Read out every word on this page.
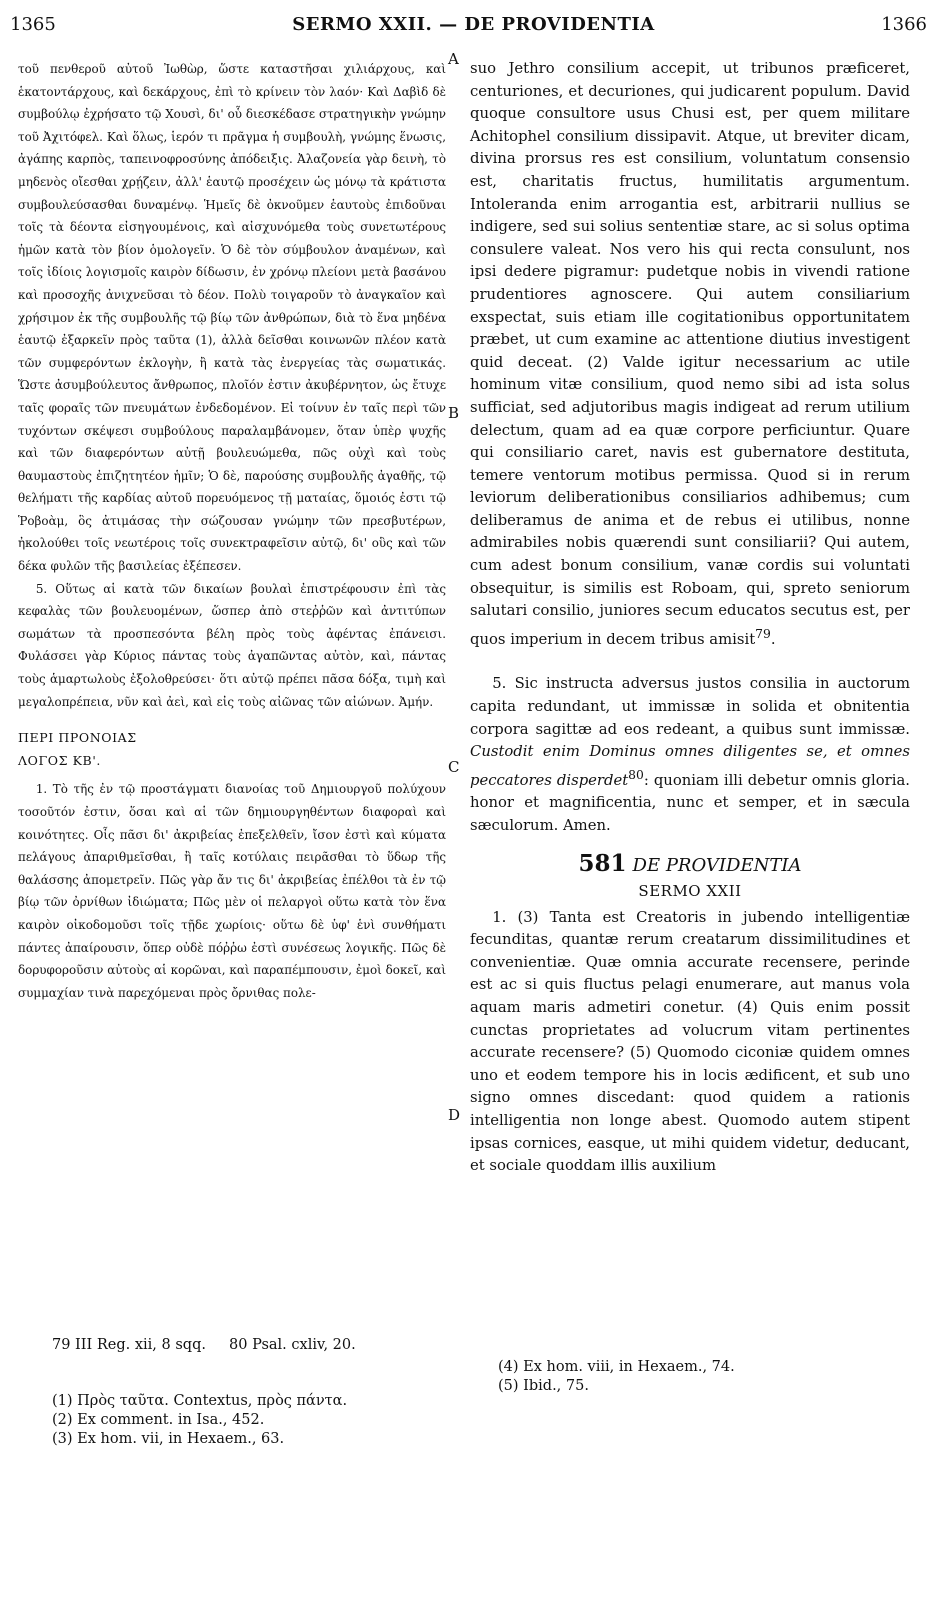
1365	SERMO XXII. — DE PROVIDENTIA	1366
A
B
C
D

τοῦ πενθεροῦ αὐτοῦ Ἰωθὼρ, ὥστε καταστῆσαι χιλιάρχους, καὶ ἑκατοντάρχους, καὶ δεκάρχους, ἐπὶ τὸ κρίνειν τὸν λαόν· Καὶ Δαβὶδ δὲ συμβούλῳ ἐχρήσατο τῷ Χουσὶ, δι' οὗ διεσκέδασε στρατηγικὴν γνώμην τοῦ Ἀχιτόφελ. Καὶ ὅλως, ἱερόν τι πρᾶγμα ἡ συμβουλὴ, γνώμης ἕνωσις, ἀγάπης καρπὸς, ταπεινοφροσύνης ἀπόδειξις. Ἀλαζονεία γὰρ δεινὴ, τὸ μηδενὸς οἴεσθαι χρῄζειν, ἀλλ' ἑαυτῷ προσέχειν ὡς μόνῳ τὰ κράτιστα συμβουλεύσασθαι δυναμένῳ. Ἡμεῖς δὲ ὀκνοῦμεν ἑαυτοὺς ἐπιδοῦναι τοῖς τὰ δέοντα εἰσηγουμένοις, καὶ αἰσχυνόμεθα τοὺς συνετωτέρους ἡμῶν κατὰ τὸν βίον ὁμολογεῖν. Ὁ δὲ τὸν σύμβουλον ἀναμένων, καὶ τοῖς ἰδίοις λογισμοῖς καιρὸν δίδωσιν, ἐν χρόνῳ πλείονι μετὰ βασάνου καὶ προσοχῆς ἀνιχνεῦσαι τὸ δέον. Πολὺ τοιγαροῦν τὸ ἀναγκαῖον καὶ χρήσιμον ἐκ τῆς συμβουλῆς τῷ βίῳ τῶν ἀνθρώπων, διὰ τὸ ἕνα μηδένα ἑαυτῷ ἐξαρκεῖν πρὸς ταῦτα (1), ἀλλὰ δεῖσθαι κοινωνῶν πλέον κατὰ τῶν συμφερόντων ἐκλογὴν, ἢ κατὰ τὰς ἐνεργείας τὰς σωματικάς. Ὥστε ἀσυμβούλευτος ἄνθρωπος, πλοῖόν ἐστιν ἀκυβέρνητον, ὡς ἔτυχε ταῖς φοραῖς τῶν πνευμάτων ἐνδεδομένον. Εἰ τοίνυν ἐν ταῖς περὶ τῶν τυχόντων σκέψεσι συμβούλους παραλαμβάνομεν, ὅταν ὑπὲρ ψυχῆς καὶ τῶν διαφερόντων αὐτῇ βουλευώμεθα, πῶς οὐχὶ καὶ τοὺς θαυμαστοὺς ἐπιζητητέον ἡμῖν; Ὁ δὲ, παρούσης συμβουλῆς ἀγαθῆς, τῷ θελήματι τῆς καρδίας αὐτοῦ πορευόμενος τῇ ματαίας, ὅμοιός ἐστι τῷ Ῥοβοὰμ, ὃς ἀτιμάσας τὴν σώζουσαν γνώμην τῶν πρεσβυτέρων, ἠκολούθει τοῖς νεωτέροις τοῖς συνεκτραφεῖσιν αὐτῷ, δι' οὓς καὶ τῶν δέκα φυλῶν τῆς βασιλείας ἐξέπεσεν.

5. Οὕτως αἱ κατὰ τῶν δικαίων βουλαὶ ἐπιστρέφουσιν ἐπὶ τὰς κεφαλὰς τῶν βουλευομένων, ὥσπερ ἀπὸ στεῤῥῶν καὶ ἀντιτύπων σωμάτων τὰ προσπεσόντα βέλη πρὸς τοὺς ἀφέντας ἐπάνεισι. Φυλάσσει γὰρ Κύριος πάντας τοὺς ἀγαπῶντας αὐτὸν, καὶ, πάντας τοὺς ἁμαρτωλοὺς ἐξολοθρεύσει· ὅτι αὐτῷ πρέπει πᾶσα δόξα, τιμὴ καὶ μεγαλοπρέπεια, νῦν καὶ ἀεὶ, καὶ εἰς τοὺς αἰῶνας τῶν αἰώνων. Ἀμήν.

ΠΕΡΙ ΠΡΟΝΟΙΑΣ

ΛΟΓΟΣ ΚΒ'.

1. Τὸ τῆς ἐν τῷ προστάγματι διανοίας τοῦ Δημιουργοῦ πολύχουν τοσοῦτόν ἐστιν, ὅσαι καὶ αἱ τῶν δημιουργηθέντων διαφοραὶ καὶ κοινότητες. Οἷς πᾶσι δι' ἀκριβείας ἐπεξελθεῖν, ἴσον ἐστὶ καὶ κύματα πελάγους ἀπαριθμεῖσθαι, ἢ ταῖς κοτύλαις πειρᾶσθαι τὸ ὕδωρ τῆς θαλάσσης ἀπομετρεῖν. Πῶς γὰρ ἄν τις δι' ἀκριβείας ἐπέλθοι τὰ ἐν τῷ βίῳ τῶν ὀρνίθων ἰδιώματα; Πῶς μὲν οἱ πελαργοὶ οὕτω κατὰ τὸν ἕνα καιρὸν οἰκοδομοῦσι τοῖς τῇδε χωρίοις· οὕτω δὲ ὑφ' ἑνὶ συνθήματι πάντες ἀπαίρουσιν, ὅπερ οὐδὲ πόῤῥω ἐστὶ συνέσεως λογικῆς. Πῶς δὲ δορυφοροῦσιν αὐτοὺς αἱ κορῶναι, καὶ παραπέμπουσιν, ἐμοὶ δοκεῖ, καὶ συμμαχίαν τινὰ παρεχόμεναι πρὸς ὄρνιθας πολε-

suo Jethro consilium accepit, ut tribunos præficeret, centuriones, et decuriones, qui judicarent populum. David quoque consultore usus Chusi est, per quem militare Achitophel consilium dissipavit. Atque, ut breviter dicam, divina prorsus res est consilium, voluntatum consensio est, charitatis fructus, humilitatis argumentum. Intoleranda enim arrogantia est, arbitrarii nullius se indigere, sed sui solius sententiæ stare, ac si solus optima consulere valeat. Nos vero his qui recta consulunt, nos ipsi dedere pigramur: pudetque nobis in vivendi ratione prudentiores agnoscere. Qui autem consiliarium exspectat, suis etiam ille cogitationibus opportunitatem præbet, ut cum examine ac attentione diutius investigent quid deceat. (2) Valde igitur necessarium ac utile hominum vitæ consilium, quod nemo sibi ad ista solus sufficiat, sed adjutoribus magis indigeat ad rerum utilium delectum, quam ad ea quæ corpore perficiuntur. Quare qui consiliario caret, navis est gubernatore destituta, temere ventorum motibus permissa. Quod si in rerum leviorum deliberationibus consiliarios adhibemus; cum deliberamus de anima et de rebus ei utilibus, nonne admirabiles nobis quærendi sunt consiliarii? Qui autem, cum adest bonum consilium, vanæ cordis sui voluntati obsequitur, is similis est Roboam, qui, spreto seniorum salutari consilio, juniores secum educatos secutus est, per quos imperium in decem tribus amisit$^{79}$.

5. Sic instructa adversus justos consilia in auctorum capita redundant, ut immissæ in solida et obnitentia corpora sagittæ ad eos redeant, a quibus sunt immissæ. Custodit enim Dominus omnes diligentes se, et omnes peccatores disperdet$^{80}$: quoniam illi debetur omnis gloria. honor et magnificentia, nunc et semper, et in sæcula sæculorum. Amen.

581 DE PROVIDENTIA
SERMO XXII

1. (3) Tanta est Creatoris in jubendo intelligentiæ fecunditas, quantæ rerum creatarum dissimilitudines et convenientiæ. Quæ omnia accurate recensere, perinde est ac si quis fluctus pelagi enumerare, aut manus vola aquam maris admetiri conetur. (4) Quis enim possit cunctas proprietates ad volucrum vitam pertinentes accurate recensere? (5) Quomodo ciconiæ quidem omnes uno et eodem tempore his in locis ædificent, et sub uno signo omnes discedant: quod quidem a rationis intelligentia non longe abest. Quomodo autem stipent ipsas cornices, easque, ut mihi quidem videtur, deducant, et sociale quoddam illis auxilium

79 III Reg. xii, 8 sqq. 80 Psal. cxliv, 20.
(1) Πρὸς ταῦτα. Contextus, πρὸς πάντα.
(2) Ex comment. in Isa., 452.
(3) Ex hom. vii, in Hexaem., 63.
(4) Ex hom. viii, in Hexaem., 74.
(5) Ibid., 75.
